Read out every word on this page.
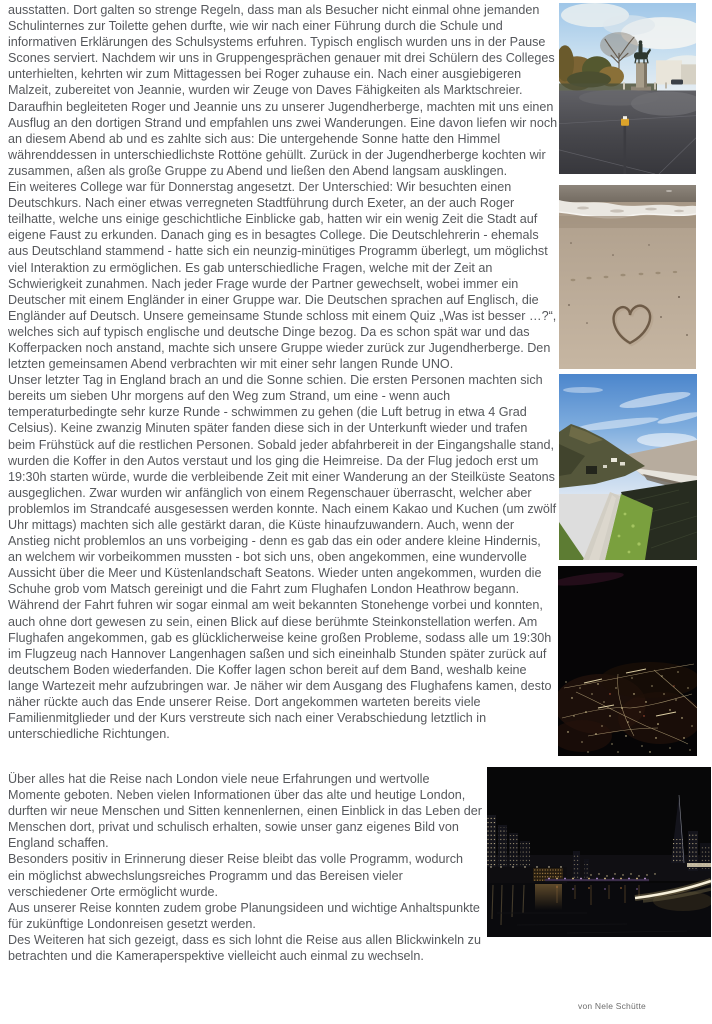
ausstatten. Dort galten so strenge Regeln, dass man als Besucher nicht einmal ohne jemanden Schulinternes zur Toilette gehen durfte, wie wir nach einer Führung durch die Schule und informativen Erklärungen des Schulsystems erfuhren. Typisch englisch wurden uns in der Pause Scones serviert. Nachdem wir uns in Gruppengesprächen genauer mit drei Schülern des Colleges unterhielten, kehrten wir zum Mittagessen bei Roger zuhause ein. Nach einer ausgiebigeren Malzeit, zubereitet von Jeannie, wurden wir Zeuge von Daves Fähigkeiten als Marktschreier. Daraufhin begleiteten Roger und Jeannie uns zu unserer Jugendherberge, machten mit uns einen Ausflug an den dortigen Strand und empfahlen uns zwei Wanderungen. Eine davon liefen wir noch an diesem Abend ab und es zahlte sich aus: Die untergehende Sonne hatte den Himmel währenddessen in unterschiedlichste Rottöne gehüllt. Zurück in der Jugendherberge kochten wir zusammen, aßen als große Gruppe zu Abend und ließen den Abend langsam ausklingen.

Ein weiteres College war für Donnerstag angesetzt. Der Unterschied: Wir besuchten einen Deutschkurs. Nach einer etwas verregneten Stadtführung durch Exeter, an der auch Roger teilhatte, welche uns einige geschichtliche Einblicke gab, hatten wir ein wenig Zeit die Stadt auf eigene Faust zu erkunden. Danach ging es in besagtes College. Die Deutschlehrerin - ehemals aus Deutschland stammend - hatte sich ein neunzig-minütiges Programm überlegt, um möglichst viel Interaktion zu ermöglichen. Es gab unterschiedliche Fragen, welche mit der Zeit an Schwierigkeit zunahmen. Nach jeder Frage wurde der Partner gewechselt, wobei immer ein Deutscher mit einem Engländer in einer Gruppe war. Die Deutschen sprachen auf Englisch, die Engländer auf Deutsch. Unsere gemeinsame Stunde schloss mit einem Quiz „Was ist besser …?“, welches sich auf typisch englische und deutsche Dinge bezog. Da es schon spät war und das Kofferpacken noch anstand, machte sich unsere Gruppe wieder zurück zur Jugendherberge. Den letzten gemeinsamen Abend verbrachten wir mit einer sehr langen Runde UNO.

Unser letzter Tag in England brach an und die Sonne schien. Die ersten Personen machten sich bereits um sieben Uhr morgens auf den Weg zum Strand, um eine - wenn auch temperaturbedingte sehr kurze Runde - schwimmen zu gehen (die Luft betrug in etwa 4 Grad Celsius). Keine zwanzig Minuten später fanden diese sich in der Unterkunft wieder und trafen beim Frühstück auf die restlichen Personen. Sobald jeder abfahrbereit in der Eingangshalle stand, wurden die Koffer in den Autos verstaut und los ging die Heimreise. Da der Flug jedoch erst um 19:30h starten würde, wurde die verbleibende Zeit mit einer Wanderung an der Steilküste Seatons ausgeglichen. Zwar wurden wir anfänglich von einem Regenschauer überrascht, welcher aber problemlos im Strandcafé ausgesessen werden konnte. Nach einem Kakao und Kuchen (um zwölf Uhr mittags) machten sich alle gestärkt daran, die Küste hinaufzuwandern. Auch, wenn der Anstieg nicht problemlos an uns vorbeiging - denn es gab das ein oder andere kleine Hindernis, an welchem wir vorbeikommen mussten - bot sich uns, oben angekommen, eine wundervolle Aussicht über die Meer und Küstenlandschaft Seatons. Wieder unten angekommen, wurden die Schuhe grob vom Matsch gereinigt und die Fahrt zum Flughafen London Heathrow begann. Während der Fahrt fuhren wir sogar einmal am weit bekannten Stonehenge vorbei und konnten, auch ohne dort gewesen zu sein, einen Blick auf diese berühmte Steinkonstellation werfen. Am Flughafen angekommen, gab es glücklicherweise keine großen Probleme, sodass alle um 19:30h im Flugzeug nach Hannover Langenhagen saßen und sich eineinhalb Stunden später zurück auf deutschem Boden wiederfanden. Die Koffer lagen schon bereit auf dem Band, weshalb keine lange Wartezeit mehr aufzubringen war. Je näher wir dem Ausgang des Flughafens kamen, desto näher rückte auch das Ende unserer Reise. Dort angekommen warteten bereits viele Familienmitglieder und der Kurs verstreute sich nach einer Verabschiedung letztlich in unterschiedliche Richtungen.

Über alles hat die Reise nach London viele neue Erfahrungen und wertvolle Momente geboten. Neben vielen Informationen über das alte und heutige London, durften wir neue Menschen und Sitten kennenlernen, einen Einblick in das Leben der Menschen dort, privat und schulisch erhalten, sowie unser ganz eigenes Bild von England schaffen.

Besonders positiv in Erinnerung dieser Reise bleibt das volle Programm, wodurch ein möglichst abwechslungsreiches Programm und das Bereisen vieler verschiedener Orte ermöglicht wurde.

Aus unserer Reise konnten zudem grobe Planungsideen und wichtige Anhaltspunkte für zukünftige Londonreisen gesetzt werden.

Des Weiteren hat sich gezeigt, dass es sich lohnt die Reise aus allen Blickwinkeln zu betrachten und die Kameraperspektive vielleicht auch einmal zu wechseln.

von Nele Schütte
